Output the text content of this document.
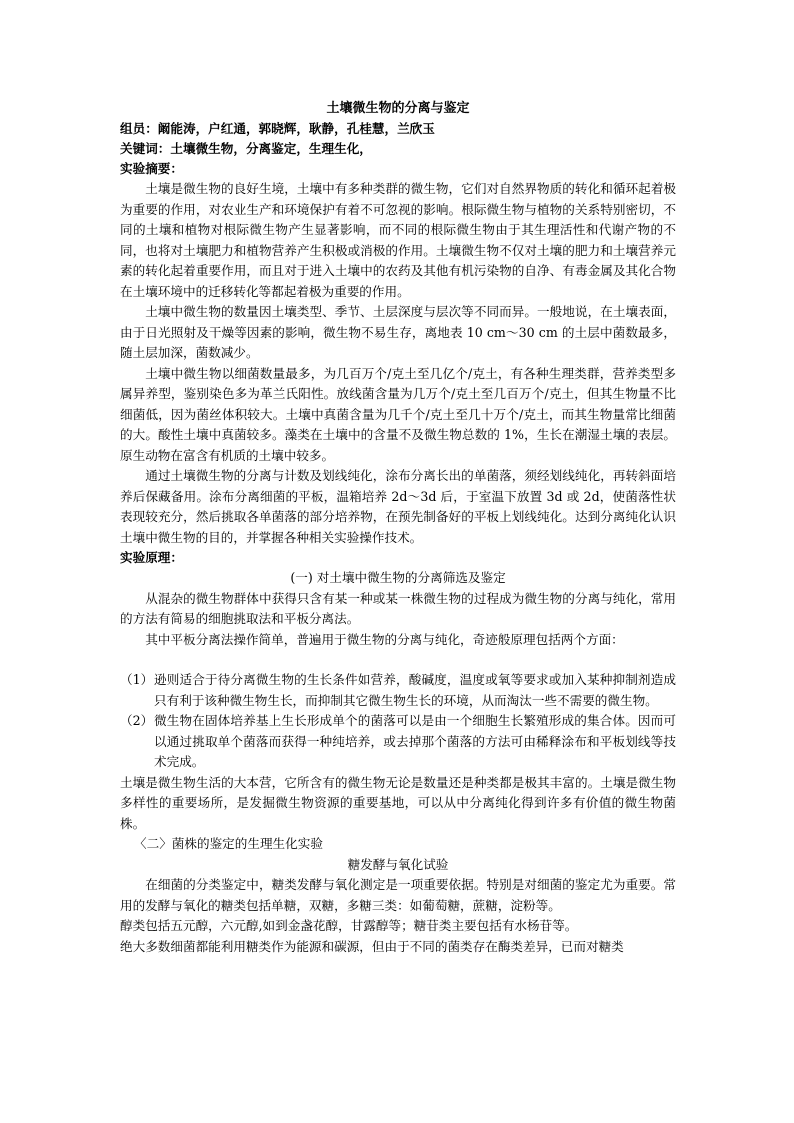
土壤微生物的分离与鉴定
组员：阚能涛，户红通，郭晓辉，耿静，孔桂慧，兰欣玉
关键词：土壤微生物，分离鉴定，生理生化，
实验摘要：

土壤是微生物的良好生境，土壤中有多种类群的微生物，它们对自然界物质的转化和循环起着极为重要的作用，对农业生产和环境保护有着不可忽视的影响。根际微生物与植物的关系特别密切，不同的土壤和植物对根际微生物产生显著影响，而不同的根际微生物由于其生理活性和代谢产物的不同，也将对土壤肥力和植物营养产生积极或消极的作用。土壤微生物不仅对土壤的肥力和土壤营养元素的转化起着重要作用，而且对于进入土壤中的农药及其他有机污染物的自净、有毒金属及其化合物在土壤环境中的迁移转化等都起着极为重要的作用。

土壤中微生物的数量因土壤类型、季节、土层深度与层次等不同而异。一般地说，在土壤表面，由于日光照射及干燥等因素的影响，微生物不易生存，离地表 10 cm～30 cm 的土层中菌数最多，随土层加深，菌数减少。

土壤中微生物以细菌数量最多，为几百万个/克土至几亿个/克土，有各种生理类群，营养类型多属异养型，鉴别染色多为革兰氏阳性。放线菌含量为几万个/克土至几百万个/克土，但其生物量不比细菌低，因为菌丝体积较大。土壤中真菌含量为几千个/克土至几十万个/克土，而其生物量常比细菌的大。酸性土壤中真菌较多。藻类在土壤中的含量不及微生物总数的 1%，生长在潮湿土壤的表层。原生动物在富含有机质的土壤中较多。

通过土壤微生物的分离与计数及划线纯化，涂布分离长出的单菌落，须经划线纯化，再转斜面培养后保藏备用。涂布分离细菌的平板，温箱培养 2d～3d 后，于室温下放置 3d 或 2d，使菌落性状表现较充分，然后挑取各单菌落的部分培养物，在预先制备好的平板上划线纯化。达到分离纯化认识土壤中微生物的目的，并掌握各种相关实验操作技术。

实验原理：
(一) 对土壤中微生物的分离筛选及鉴定

从混杂的微生物群体中获得只含有某一种或某一株微生物的过程成为微生物的分离与纯化，常用的方法有简易的细胞挑取法和平板分离法。

其中平板分离法操作简单，普遍用于微生物的分离与纯化，奇迹般原理包括两个方面：

（1） 逊则适合于待分离微生物的生长条件如营养，酸碱度，温度或氧等要求或加入某种抑制剂造成只有利于该种微生物生长，而抑制其它微生物生长的环境，从而淘汰一些不需要的微生物。
（2） 微生物在固体培养基上生长形成单个的菌落可以是由一个细胞生长繁殖形成的集合体。因而可以通过挑取单个菌落而获得一种纯培养，或去掉那个菌落的方法可由稀释涂布和平板划线等技术完成。

土壤是微生物生活的大本营，它所含有的微生物无论是数量还是种类都是极其丰富的。土壤是微生物多样性的重要场所，是发掘微生物资源的重要基地，可以从中分离纯化得到许多有价值的微生物菌株。

〈二〉菌株的鉴定的生理生化实验
糖发酵与氧化试验

在细菌的分类鉴定中，糖类发酵与氧化测定是一项重要依据。特别是对细菌的鉴定尤为重要。常用的发酵与氧化的糖类包括单糖，双糖，多糖三类：如葡萄糖，蔗糖，淀粉等。

醇类包括五元醇，六元醇,如到金盏花醇，甘露醇等；糖苷类主要包括有水杨苷等。

绝大多数细菌都能利用糖类作为能源和碳源，但由于不同的菌类存在酶类差异，已而对糖类
